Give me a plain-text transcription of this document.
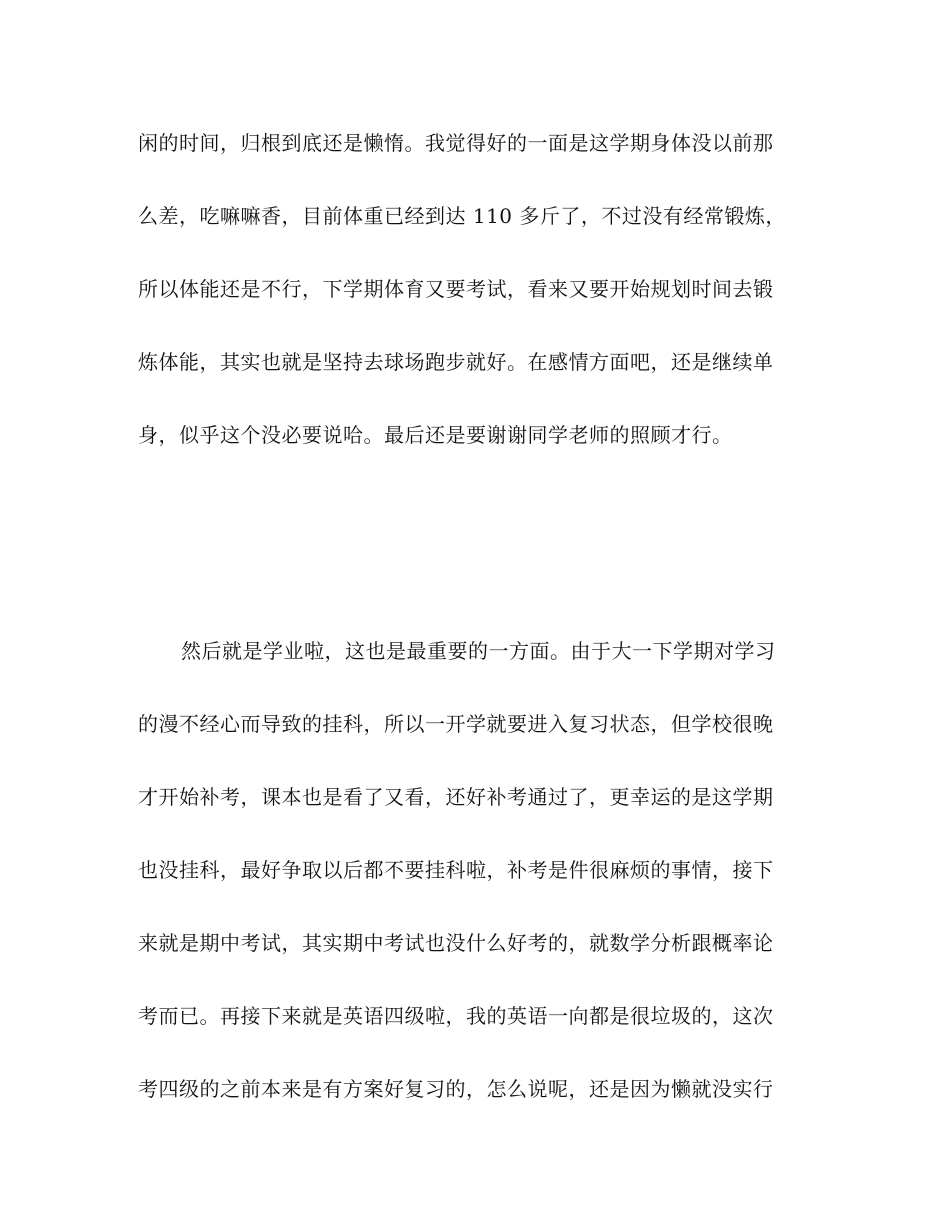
闲的时间，归根到底还是懒惰。我觉得好的一面是这学期身体没以前那

么差，吃嘛嘛香，目前体重已经到达 110 多斤了，不过没有经常锻炼，

所以体能还是不行，下学期体育又要考试，看来又要开始规划时间去锻

炼体能，其实也就是坚持去球场跑步就好。在感情方面吧，还是继续单

身，似乎这个没必要说哈。最后还是要谢谢同学老师的照顾才行。

然后就是学业啦，这也是最重要的一方面。由于大一下学期对学习

的漫不经心而导致的挂科，所以一开学就要进入复习状态，但学校很晚

才开始补考，课本也是看了又看，还好补考通过了，更幸运的是这学期

也没挂科，最好争取以后都不要挂科啦，补考是件很麻烦的事情，接下

来就是期中考试，其实期中考试也没什么好考的，就数学分析跟概率论

考而已。再接下来就是英语四级啦，我的英语一向都是很垃圾的，这次

考四级的之前本来是有方案好复习的，怎么说呢，还是因为懒就没实行
